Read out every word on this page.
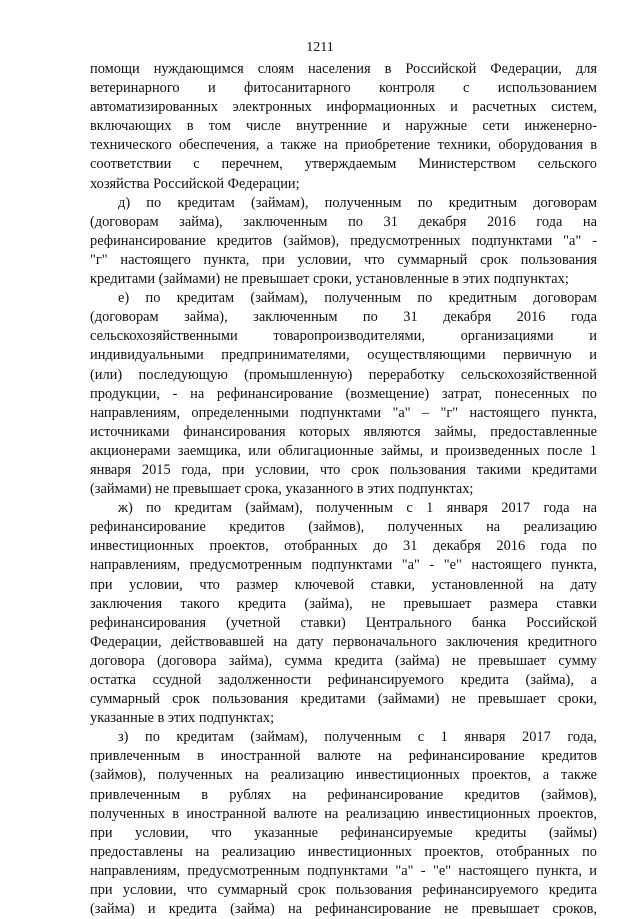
1211
помощи нуждающимся слоям населения в Российской Федерации, для
ветеринарного и фитосанитарного контроля с использованием
автоматизированных электронных информационных и расчетных систем,
включающих в том числе внутренние и наружные сети инженерно-
технического обеспечения, а также на приобретение техники, оборудования в
соответствии с перечнем, утверждаемым Министерством сельского
хозяйства Российской Федерации;
д) по кредитам (займам), полученным по кредитным договорам
(договорам займа), заключенным по 31 декабря 2016 года на
рефинансирование кредитов (займов), предусмотренных подпунктами "а" -
"г" настоящего пункта, при условии, что суммарный срок пользования
кредитами (займами) не превышает сроки, установленные в этих подпунктах;
е) по кредитам (займам), полученным по кредитным договорам
(договорам займа), заключенным по 31 декабря 2016 года
сельскохозяйственными товаропроизводителями, организациями и
индивидуальными предпринимателями, осуществляющими первичную и
(или) последующую (промышленную) переработку сельскохозяйственной
продукции, - на рефинансирование (возмещение) затрат, понесенных по
направлениям, определенными подпунктами "а" – "г" настоящего пункта,
источниками финансирования которых являются займы, предоставленные
акционерами заемщика, или облигационные займы, и произведенных после 1
января 2015 года, при условии, что срок пользования такими кредитами
(займами) не превышает срока, указанного в этих подпунктах;
ж) по кредитам (займам), полученным с 1 января 2017 года на
рефинансирование кредитов (займов), полученных на реализацию
инвестиционных проектов, отобранных до 31 декабря 2016 года по
направлениям, предусмотренным подпунктами "а" - "е" настоящего пункта,
при условии, что размер ключевой ставки, установленной на дату
заключения такого кредита (займа), не превышает размера ставки
рефинансирования (учетной ставки) Центрального банка Российской
Федерации, действовавшей на дату первоначального заключения кредитного
договора (договора займа), сумма кредита (займа) не превышает сумму
остатка ссудной задолженности рефинансируемого кредита (займа), а
суммарный срок пользования кредитами (займами) не превышает сроки,
указанные в этих подпунктах;
з) по кредитам (займам), полученным с 1 января 2017 года,
привлеченным в иностранной валюте на рефинансирование кредитов
(займов), полученных на реализацию инвестиционных проектов, а также
привлеченным в рублях на рефинансирование кредитов (займов),
полученных в иностранной валюте на реализацию инвестиционных проектов,
при условии, что указанные рефинансируемые кредиты (займы)
предоставлены на реализацию инвестиционных проектов, отобранных по
направлениям, предусмотренным подпунктами "а" - "е" настоящего пункта, и
при условии, что суммарный срок пользования рефинансируемого кредита
(займа) и кредита (займа) на рефинансирование не превышает сроков,
